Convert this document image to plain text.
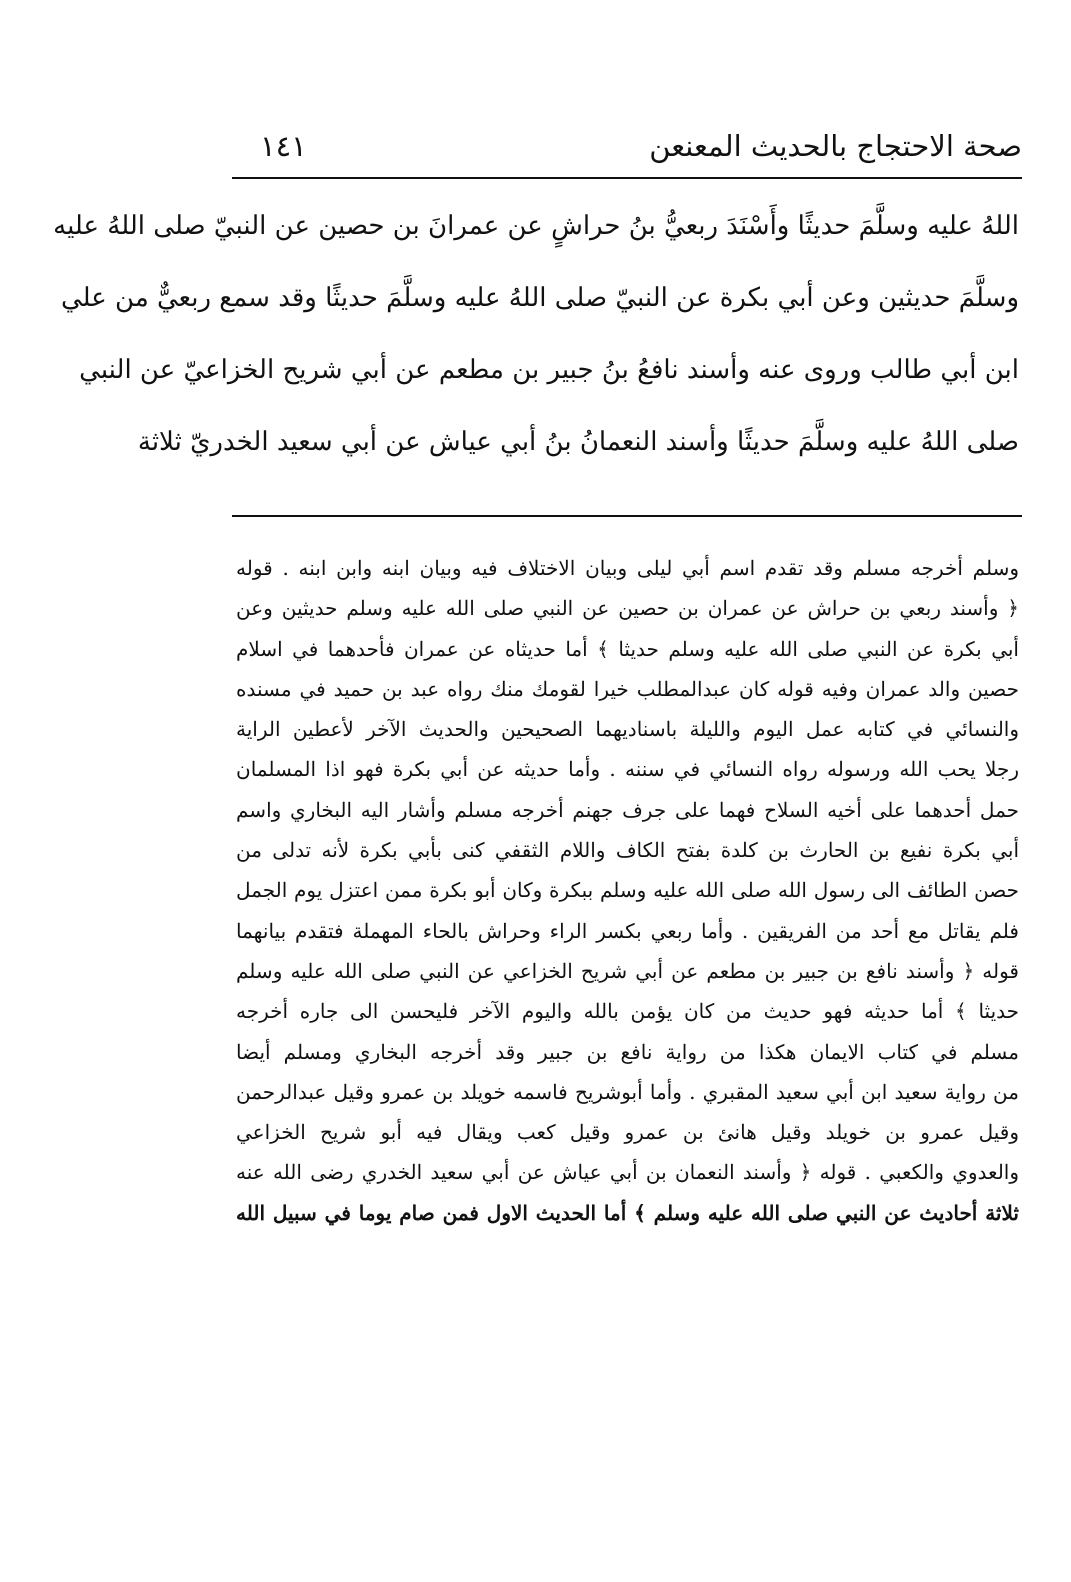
صحة الاحتجاج بالحديث المعنعن
١٤١
اللهُ عليه وسلَّمَ حديثًا وأَسْنَدَ ربعيُّ بنُ حراشٍ عن عمرانَ بن حصين عن النبيّ صلى اللهُ عليه
وسلَّمَ حديثين وعن أبي بكرة عن النبيّ صلى اللهُ عليه وسلَّمَ حديثًا وقد سمع ربعيٌّ من علي
ابن أبي طالب وروى عنه وأسند نافعُ بنُ جبير بن مطعم عن أبي شريح الخزاعيّ عن النبي
صلى اللهُ عليه وسلَّمَ حديثًا وأسند النعمانُ بنُ أبي عياش عن أبي سعيد الخدريّ ثلاثة
وسلم أخرجه مسلم وقد تقدم اسم أبي ليلى وبيان الاختلاف فيه وبيان ابنه وابن ابنه . قوله
﴿ وأسند ربعي بن حراش عن عمران بن حصين عن النبي صلى الله عليه وسلم حديثين وعن
أبي بكرة عن النبي صلى الله عليه وسلم حديثا ﴾ أما حديثاه عن عمران فأحدهما في اسلام
حصين والد عمران وفيه قوله كان عبدالمطلب خيرا لقومك منك رواه عبد بن حميد في مسنده
والنسائي في كتابه عمل اليوم والليلة باسناديهما الصحيحين والحديث الآخر لأعطين الراية
رجلا يحب الله ورسوله رواه النسائي في سننه . وأما حديثه عن أبي بكرة فهو اذا المسلمان
حمل أحدهما على أخيه السلاح فهما على جرف جهنم أخرجه مسلم وأشار اليه البخاري واسم
أبي بكرة نفيع بن الحارث بن كلدة بفتح الكاف واللام الثقفي كنى بأبي بكرة لأنه تدلى من
حصن الطائف الى رسول الله صلى الله عليه وسلم ببكرة وكان أبو بكرة ممن اعتزل يوم الجمل
فلم يقاتل مع أحد من الفريقين . وأما ربعي بكسر الراء وحراش بالحاء المهملة فتقدم بيانهما
قوله ﴿ وأسند نافع بن جبير بن مطعم عن أبي شريح الخزاعي عن النبي صلى الله عليه وسلم
حديثا ﴾ أما حديثه فهو حديث من كان يؤمن بالله واليوم الآخر فليحسن الى جاره أخرجه
مسلم في كتاب الايمان هكذا من رواية نافع بن جبير وقد أخرجه البخاري ومسلم أيضا
من رواية سعيد ابن أبي سعيد المقبري . وأما أبوشريح فاسمه خويلد بن عمرو وقيل عبدالرحمن
وقيل عمرو بن خويلد وقيل هانئ بن عمرو وقيل كعب ويقال فيه أبو شريح الخزاعي
والعدوي والكعبي . قوله ﴿ وأسند النعمان بن أبي عياش عن أبي سعيد الخدري رضى الله عنه
ثلاثة أحاديث عن النبي صلى الله عليه وسلم ﴾ أما الحديث الاول فمن صام يوما في سبيل الله
